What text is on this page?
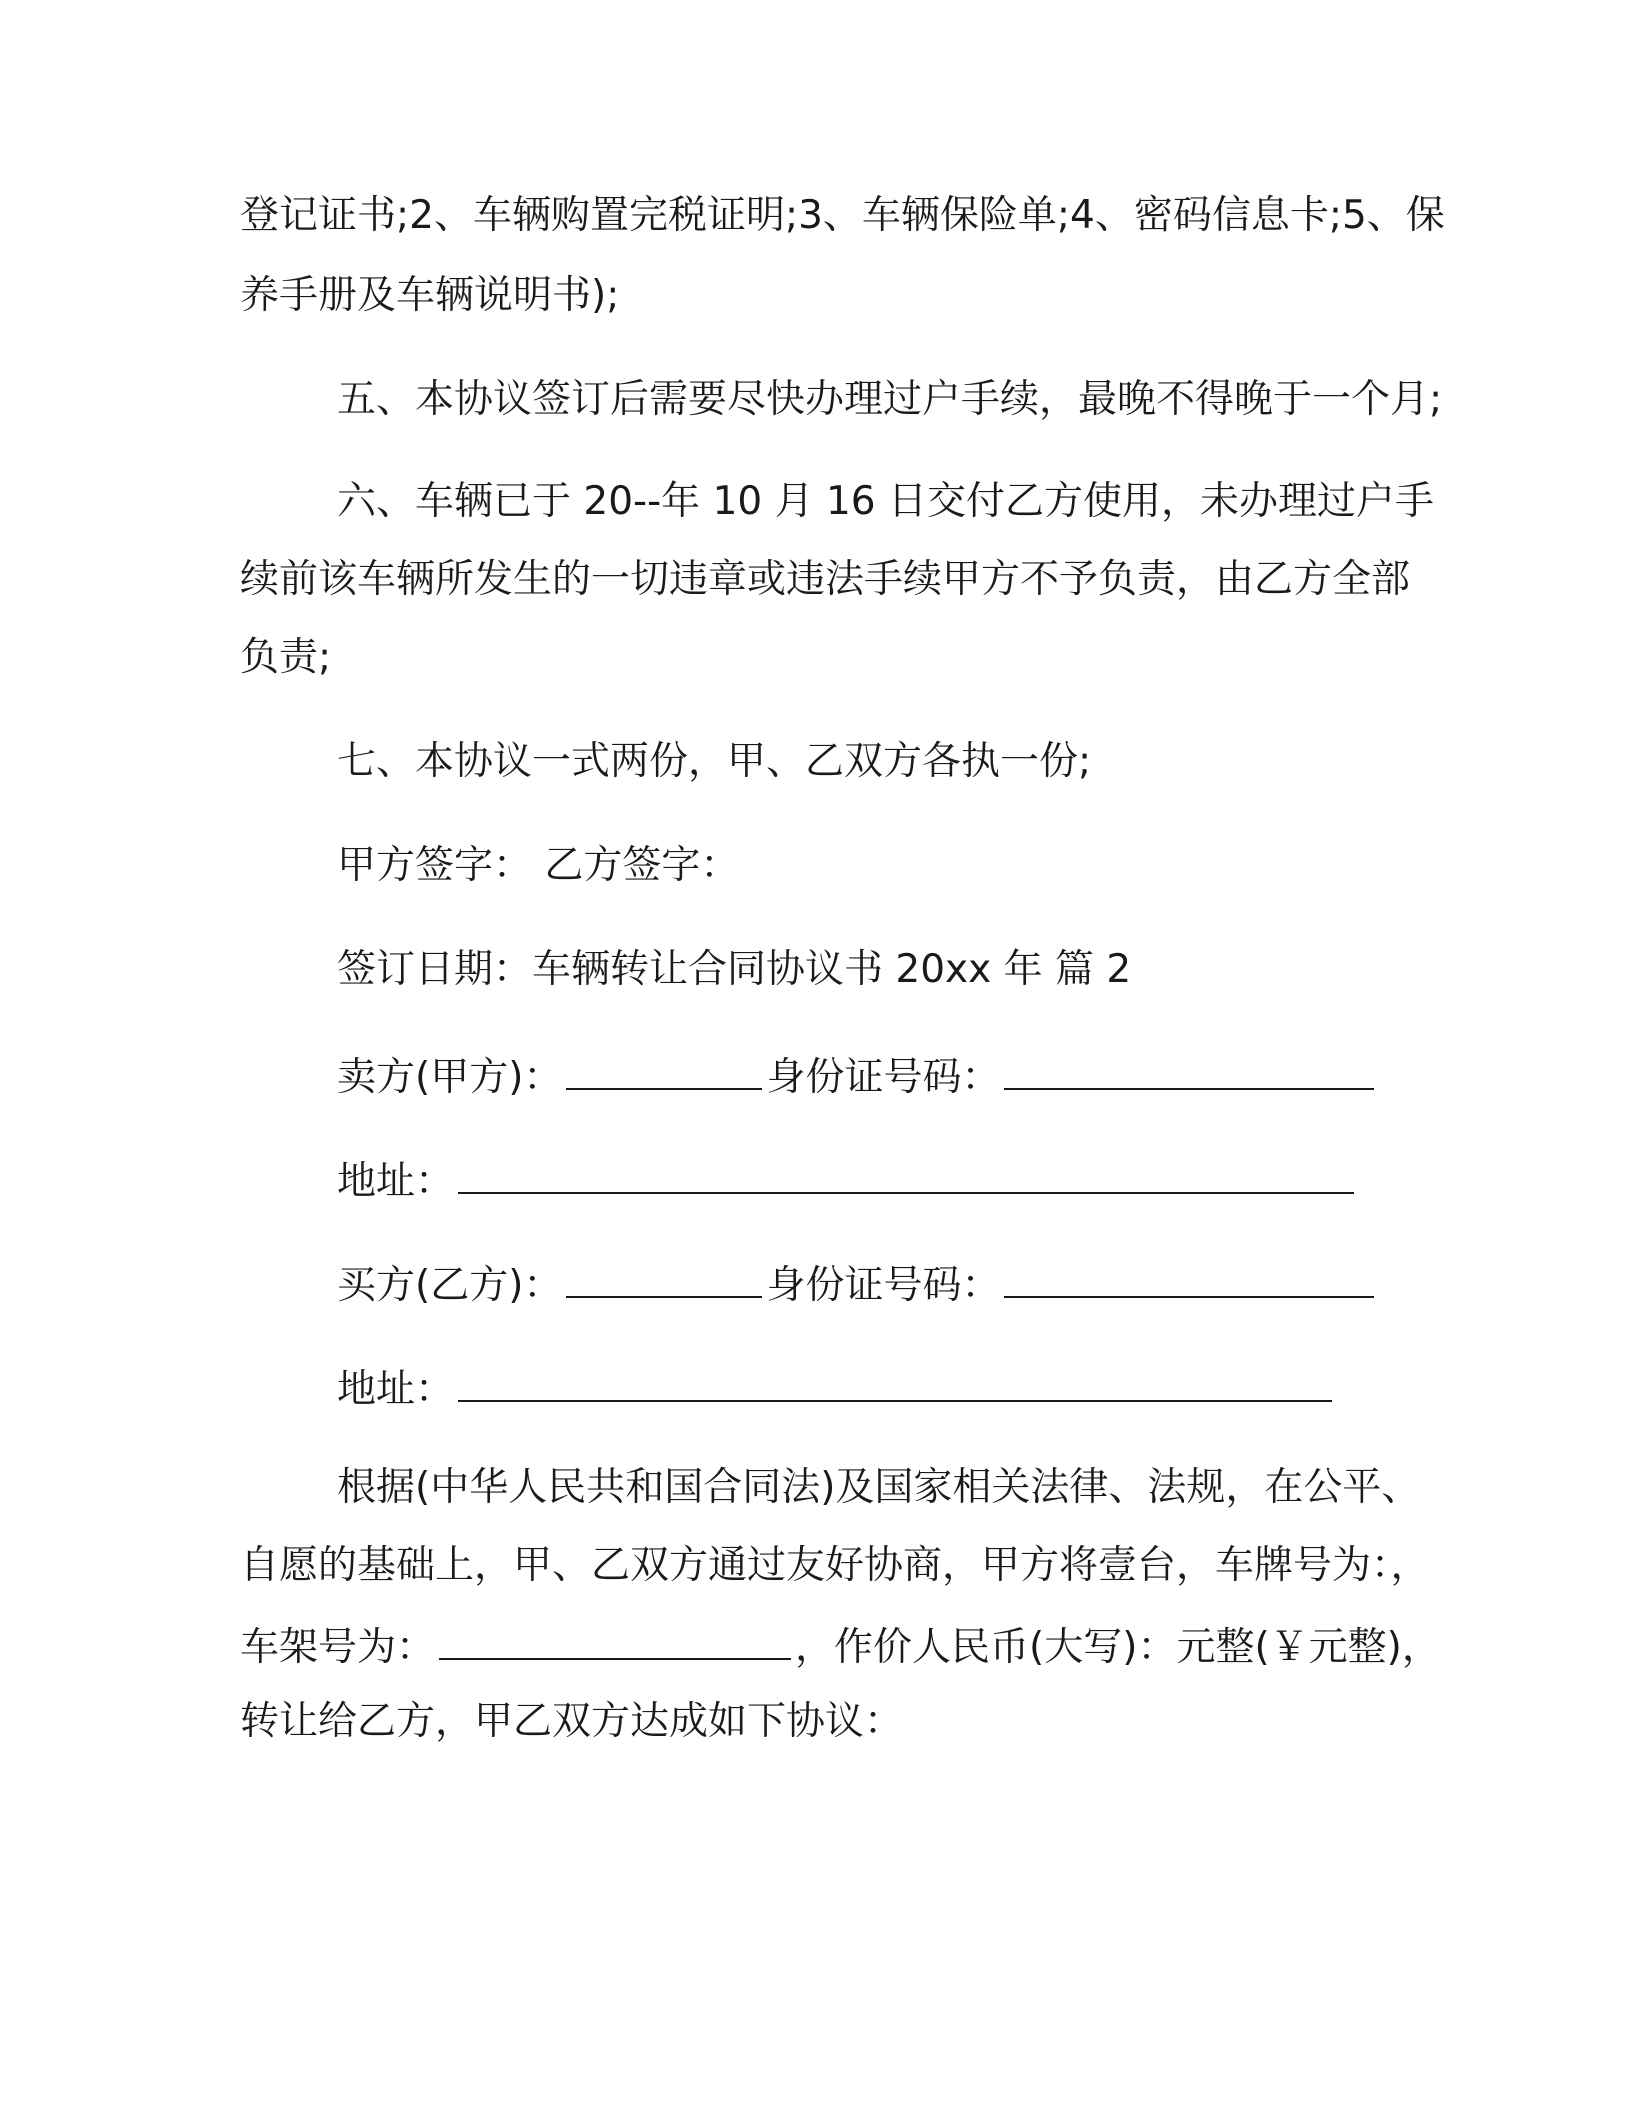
登记证书;2、车辆购置完税证明;3、车辆保险单;4、密码信息卡;5、保
养手册及车辆说明书);
五、本协议签订后需要尽快办理过户手续，最晚不得晚于一个月;
六、车辆已于 20--年 10 月 16 日交付乙方使用，未办理过户手
续前该车辆所发生的一切违章或违法手续甲方不予负责，由乙方全部
负责;
七、本协议一式两份，甲、乙双方各执一份;
甲方签字： 乙方签字：
签订日期：车辆转让合同协议书 20xx 年 篇 2
卖方(甲方)：	身份证号码：
地址：
买方(乙方)：	身份证号码：
地址：
根据(中华人民共和国合同法)及国家相关法律、法规，在公平、
自愿的基础上，甲、乙双方通过友好协商，甲方将壹台，车牌号为：，
车架号为：	，作价人民币(大写)：元整(￥元整)，
转让给乙方，甲乙双方达成如下协议：
